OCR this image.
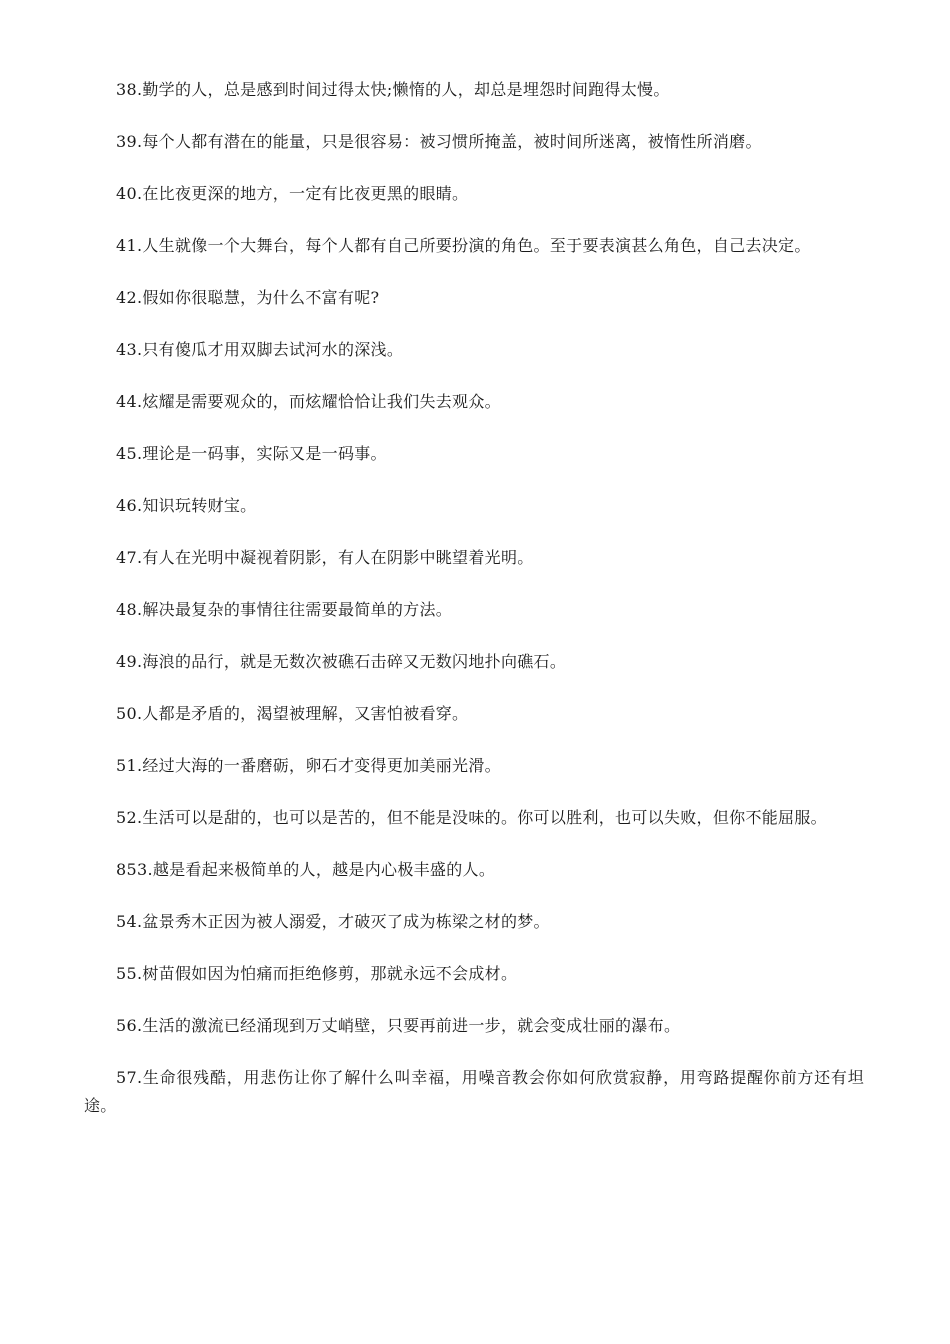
38.勤学的人，总是感到时间过得太快;懒惰的人，却总是埋怨时间跑得太慢。

39.每个人都有潜在的能量，只是很容易：被习惯所掩盖，被时间所迷离，被惰性所消磨。

40.在比夜更深的地方，一定有比夜更黑的眼睛。

41.人生就像一个大舞台，每个人都有自己所要扮演的角色。至于要表演甚么角色，自己去决定。

42.假如你很聪慧，为什么不富有呢?

43.只有傻瓜才用双脚去试河水的深浅。

44.炫耀是需要观众的，而炫耀恰恰让我们失去观众。

45.理论是一码事，实际又是一码事。

46.知识玩转财宝。

47.有人在光明中凝视着阴影，有人在阴影中眺望着光明。

48.解决最复杂的事情往往需要最简单的方法。

49.海浪的品行，就是无数次被礁石击碎又无数闪地扑向礁石。

50.人都是矛盾的，渴望被理解，又害怕被看穿。

51.经过大海的一番磨砺，卵石才变得更加美丽光滑。

52.生活可以是甜的，也可以是苦的，但不能是没味的。你可以胜利，也可以失败，但你不能屈服。

853.越是看起来极简单的人，越是内心极丰盛的人。

54.盆景秀木正因为被人溺爱，才破灭了成为栋梁之材的梦。

55.树苗假如因为怕痛而拒绝修剪，那就永远不会成材。

56.生活的激流已经涌现到万丈峭壁，只要再前进一步，就会变成壮丽的瀑布。

57.生命很残酷，用悲伤让你了解什么叫幸福，用噪音教会你如何欣赏寂静，用弯路提醒你前方还有坦途。
